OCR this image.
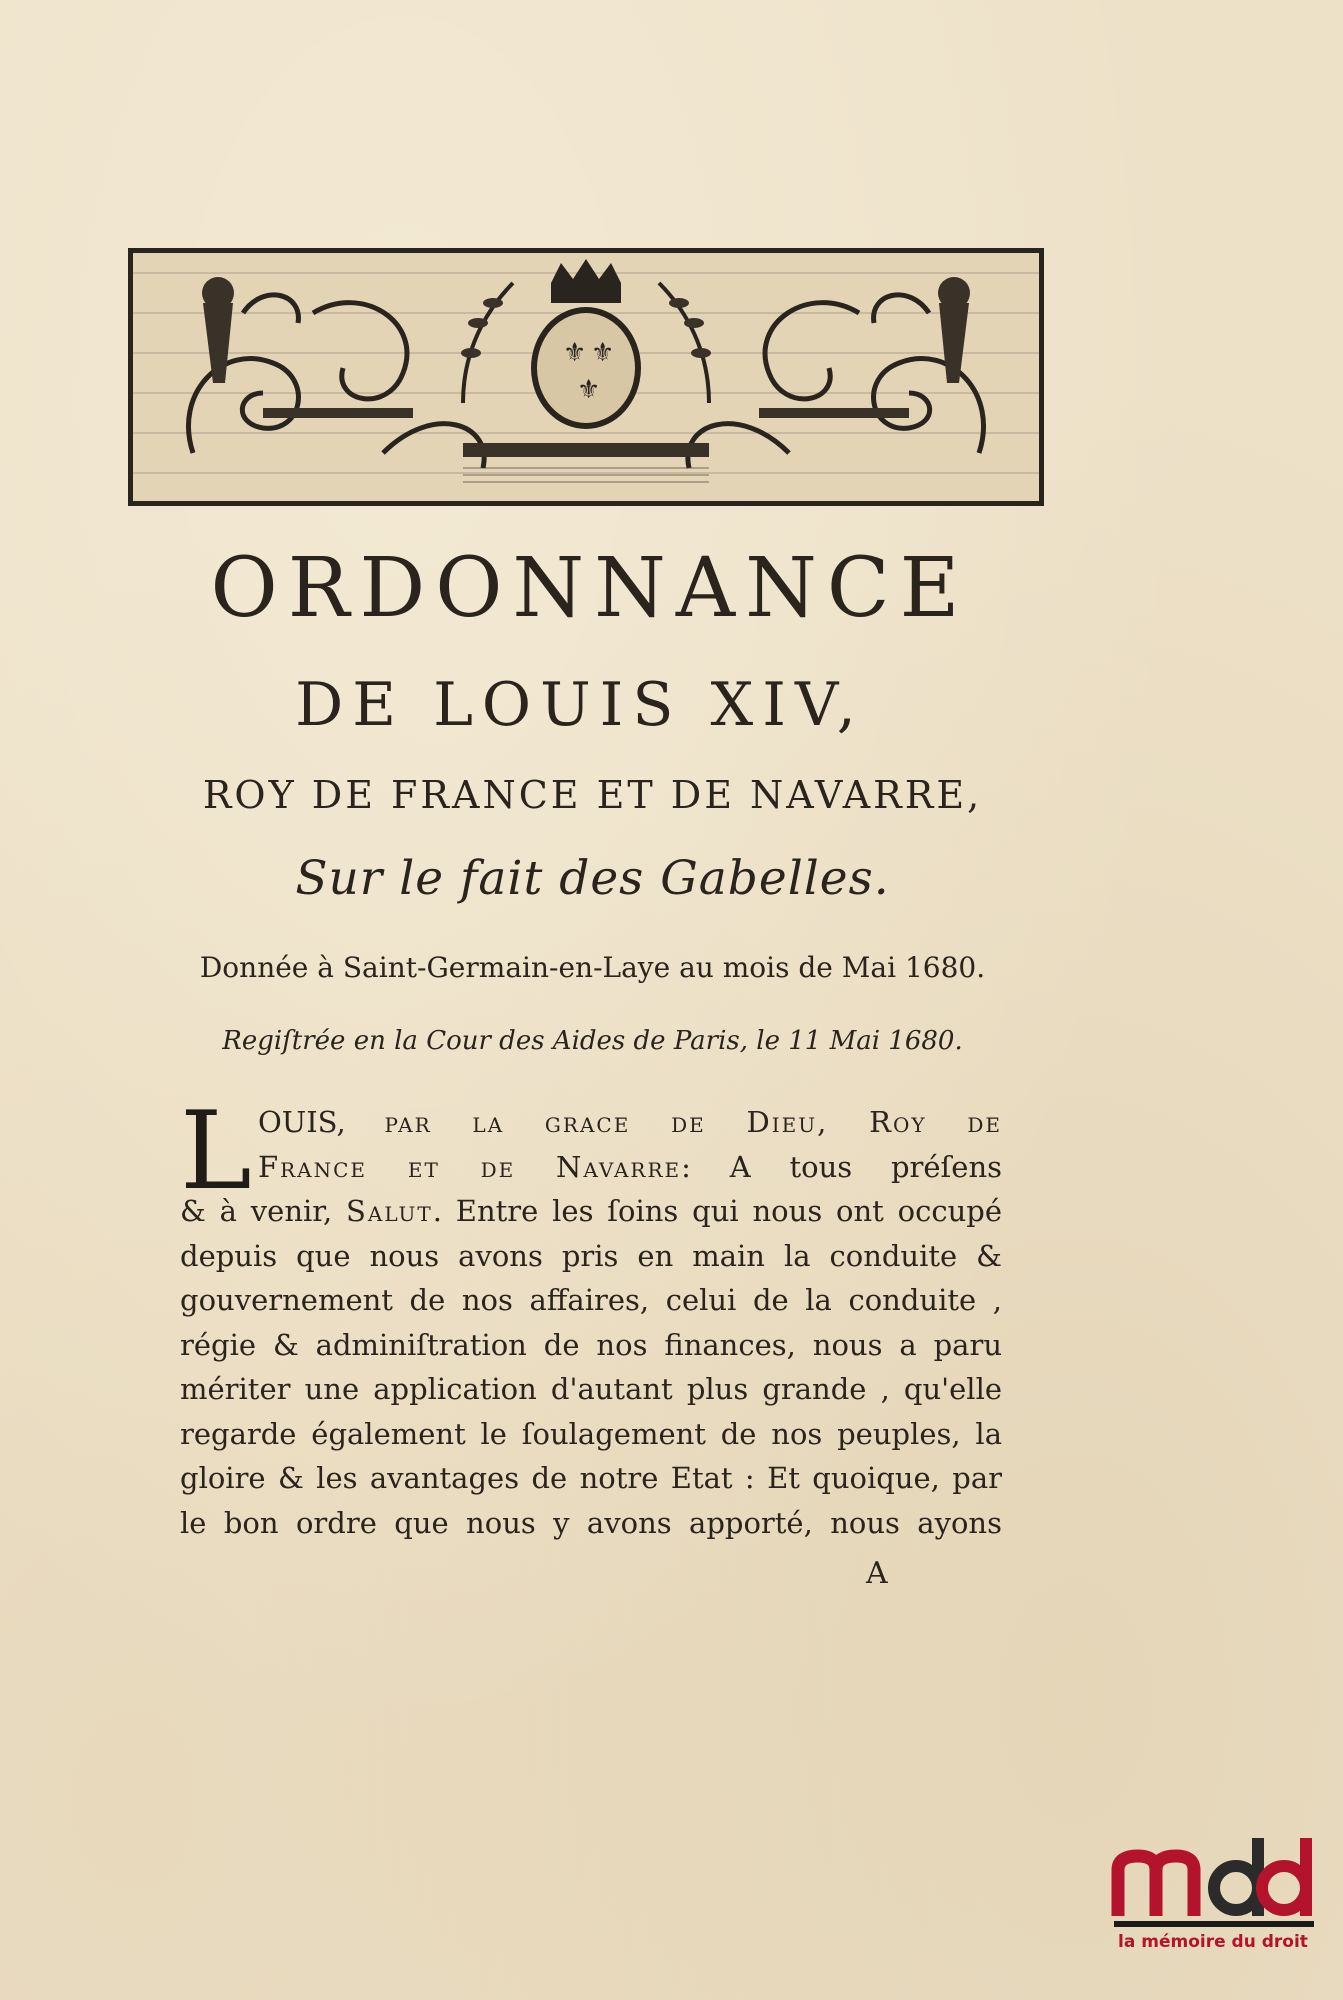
⚜ ⚜
⚜
ORDONNANCE
DE LOUIS XIV,
ROY DE FRANCE ET DE NAVARRE,
Sur le fait des Gabelles.
Donnée à Saint-Germain-en-Laye au mois de Mai 1680.
Regiſtrée en la Cour des Aides de Paris, le 11 Mai 1680.
L OUIS, par la grace de Dieu, Roy de
France et de Navarre: A tous préſens
& à venir, Salut. Entre les ſoins qui nous ont occupé
depuis que nous avons pris en main la conduite &
gouvernement de nos affaires, celui de la conduite ,
régie & adminiſtration de nos finances, nous a paru
mériter une application d'autant plus grande , qu'elle
regarde également le ſoulagement de nos peuples, la
gloire & les avantages de notre Etat : Et quoique, par
le bon ordre que nous y avons apporté, nous ayons
A
la mémoire du droit
